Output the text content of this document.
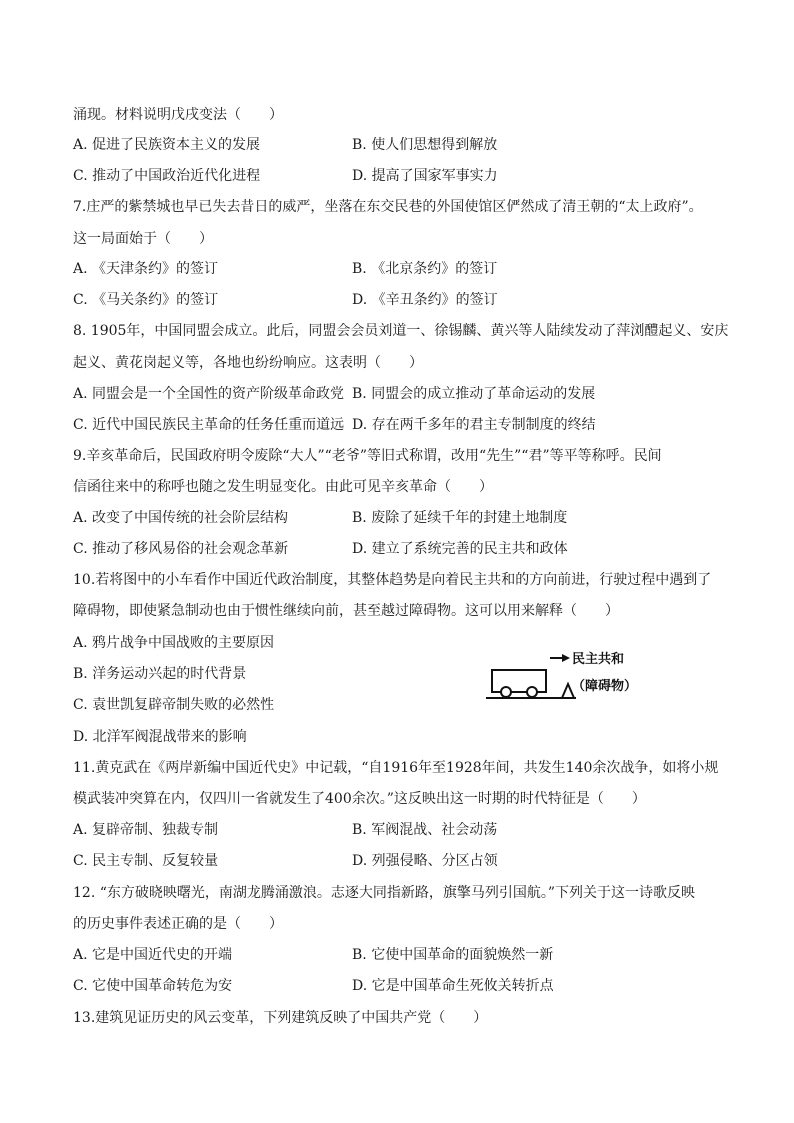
涌现。材料说明戊戌变法（　　）
A. 促进了民族资本主义的发展	B. 使人们思想得到解放
C. 推动了中国政治近代化进程	D. 提高了国家军事实力
7.庄严的紫禁城也早已失去昔日的威严，坐落在东交民巷的外国使馆区俨然成了清王朝的“太上政府”。
这一局面始于（　　）
A. 《天津条约》的签订	B. 《北京条约》的签订
C. 《马关条约》的签订	D. 《辛丑条约》的签订
8. 1905年，中国同盟会成立。此后，同盟会会员刘道一、徐锡麟、黄兴等人陆续发动了萍浏醴起义、安庆
起义、黄花岗起义等，各地也纷纷响应。这表明（　　）
A. 同盟会是一个全国性的资产阶级革命政党 B. 同盟会的成立推动了革命运动的发展
C. 近代中国民族民主革命的任务任重而道远 D. 存在两千多年的君主专制制度的终结
9.辛亥革命后，民国政府明令废除“大人”“老爷”等旧式称谓，改用“先生”“君”等平等称呼。民间
信函往来中的称呼也随之发生明显变化。由此可见辛亥革命（　　）
A. 改变了中国传统的社会阶层结构	B. 废除了延续千年的封建土地制度
C. 推动了移风易俗的社会观念革新	D. 建立了系统完善的民主共和政体
10.若将图中的小车看作中国近代政治制度，其整体趋势是向着民主共和的方向前进，行驶过程中遇到了
障碍物，即使紧急制动也由于惯性继续向前，甚至越过障碍物。这可以用来解释（　　）
A. 鸦片战争中国战败的主要原因
B. 洋务运动兴起的时代背景
C. 袁世凯复辟帝制失败的必然性
D. 北洋军阀混战带来的影响
民主共和
（障碍物）
11.黄克武在《两岸新编中国近代史》中记载，“自1916年至1928年间，共发生140余次战争，如将小规
模武装冲突算在内，仅四川一省就发生了400余次。”这反映出这一时期的时代特征是（　　）
A. 复辟帝制、独裁专制	B. 军阀混战、社会动荡
C. 民主专制、反复较量	D. 列强侵略、分区占领
12. “东方破晓映曙光，南湖龙腾涌激浪。志逐大同指新路，旗擎马列引国航。”下列关于这一诗歌反映
的历史事件表述正确的是（　　）
A. 它是中国近代史的开端	B. 它使中国革命的面貌焕然一新
C. 它使中国革命转危为安	D. 它是中国革命生死攸关转折点
13.建筑见证历史的风云变革，下列建筑反映了中国共产党（　　）
